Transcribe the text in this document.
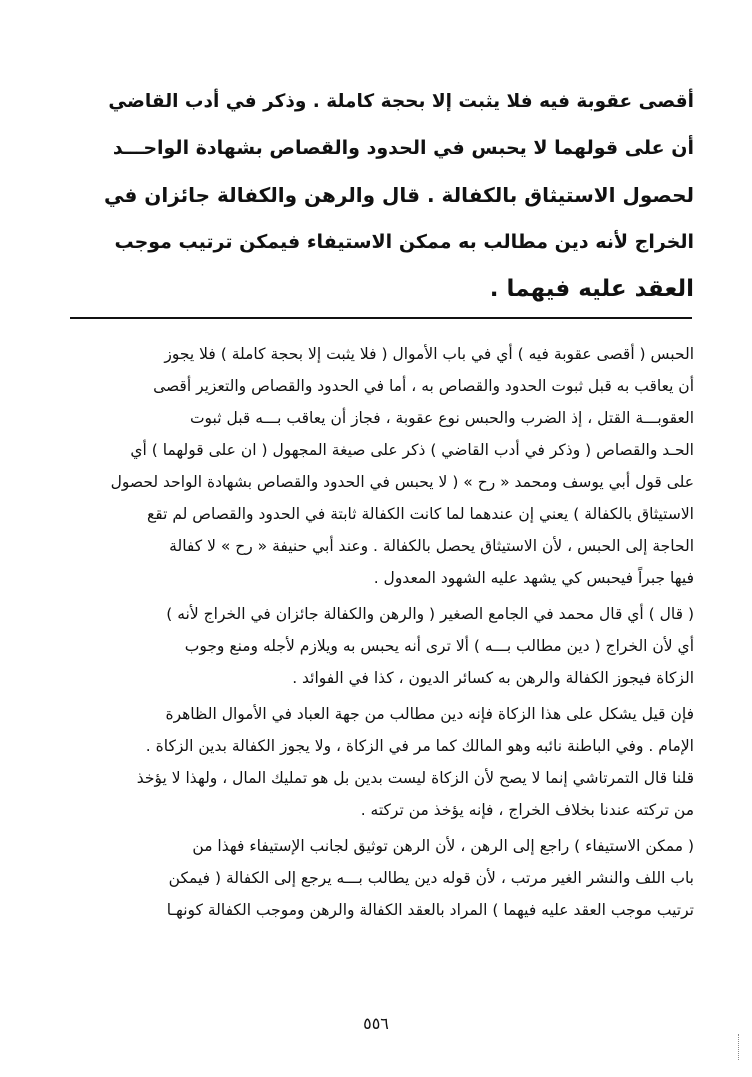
أقصى عقوبة فيه فلا يثبت إلا بحجة كاملة . وذكر في أدب القاضي
أن على قولهما لا يحبس في الحدود والقصاص بشهادة الواحـــد
لحصول الاستيثاق بالكفالة . قال والرهن والكفالة جائزان في
الخراج لأنه دين مطالب به ممكن الاستيفاء فيمكن ترتيب موجب
العقد عليه فيهما .
الحبس ( أقصى عقوبة فيه ) أي في باب الأموال ( فلا يثبت إلا بحجة كاملة ) فلا يجوز
أن يعاقب به قبل ثبوت الحدود والقصاص به ، أما في الحدود والقصاص والتعزير أقصى
العقوبـــة القتل ، إذ الضرب والحبس نوع عقوبة ، فجاز أن يعاقب بـــه قبل ثبوت
الحـد والقصاص ( وذكر في أدب القاضي ) ذكر على صيغة المجهول ( ان على قولهما ) أي
على قول أبي يوسف ومحمد « رح » ( لا يحبس في الحدود والقصاص بشهادة الواحد لحصول
الاستيثاق بالكفالة ) يعني إن عندهما لما كانت الكفالة ثابتة في الحدود والقصاص لم تقع
الحاجة إلى الحبس ، لأن الاستيثاق يحصل بالكفالة . وعند أبي حنيفة « رح » لا كفالة
فيها جبراً فيحبس كي يشهد عليه الشهود المعدول .
( قال ) أي قال محمد في الجامع الصغير ( والرهن والكفالة جائزان في الخراج لأنه )
أي لأن الخراج ( دين مطالب بـــه ) ألا ترى أنه يحبس به ويلازم لأجله ومنع وجوب
الزكاة فيجوز الكفالة والرهن به كسائر الديون ، كذا في الفوائد .
فإن قيل يشكل على هذا الزكاة فإنه دين مطالب من جهة العباد في الأموال الظاهرة
الإمام . وفي الباطنة نائبه وهو المالك كما مر في الزكاة ، ولا يجوز الكفالة بدين الزكاة .
قلنا قال التمرتاشي إنما لا يصح لأن الزكاة ليست بدين بل هو تمليك المال ، ولهذا لا يؤخذ
من تركته عندنا بخلاف الخراج ، فإنه يؤخذ من تركته .
( ممكن الاستيفاء ) راجع إلى الرهن ، لأن الرهن توثيق لجانب الإستيفاء فهذا من
باب اللف والنشر الغير مرتب ، لأن قوله دين يطالب بـــه يرجع إلى الكفالة ( فيمكن
ترتيب موجب العقد عليه فيهما ) المراد بالعقد الكفالة والرهن وموجب الكفالة كونهـا
٥٥٦
